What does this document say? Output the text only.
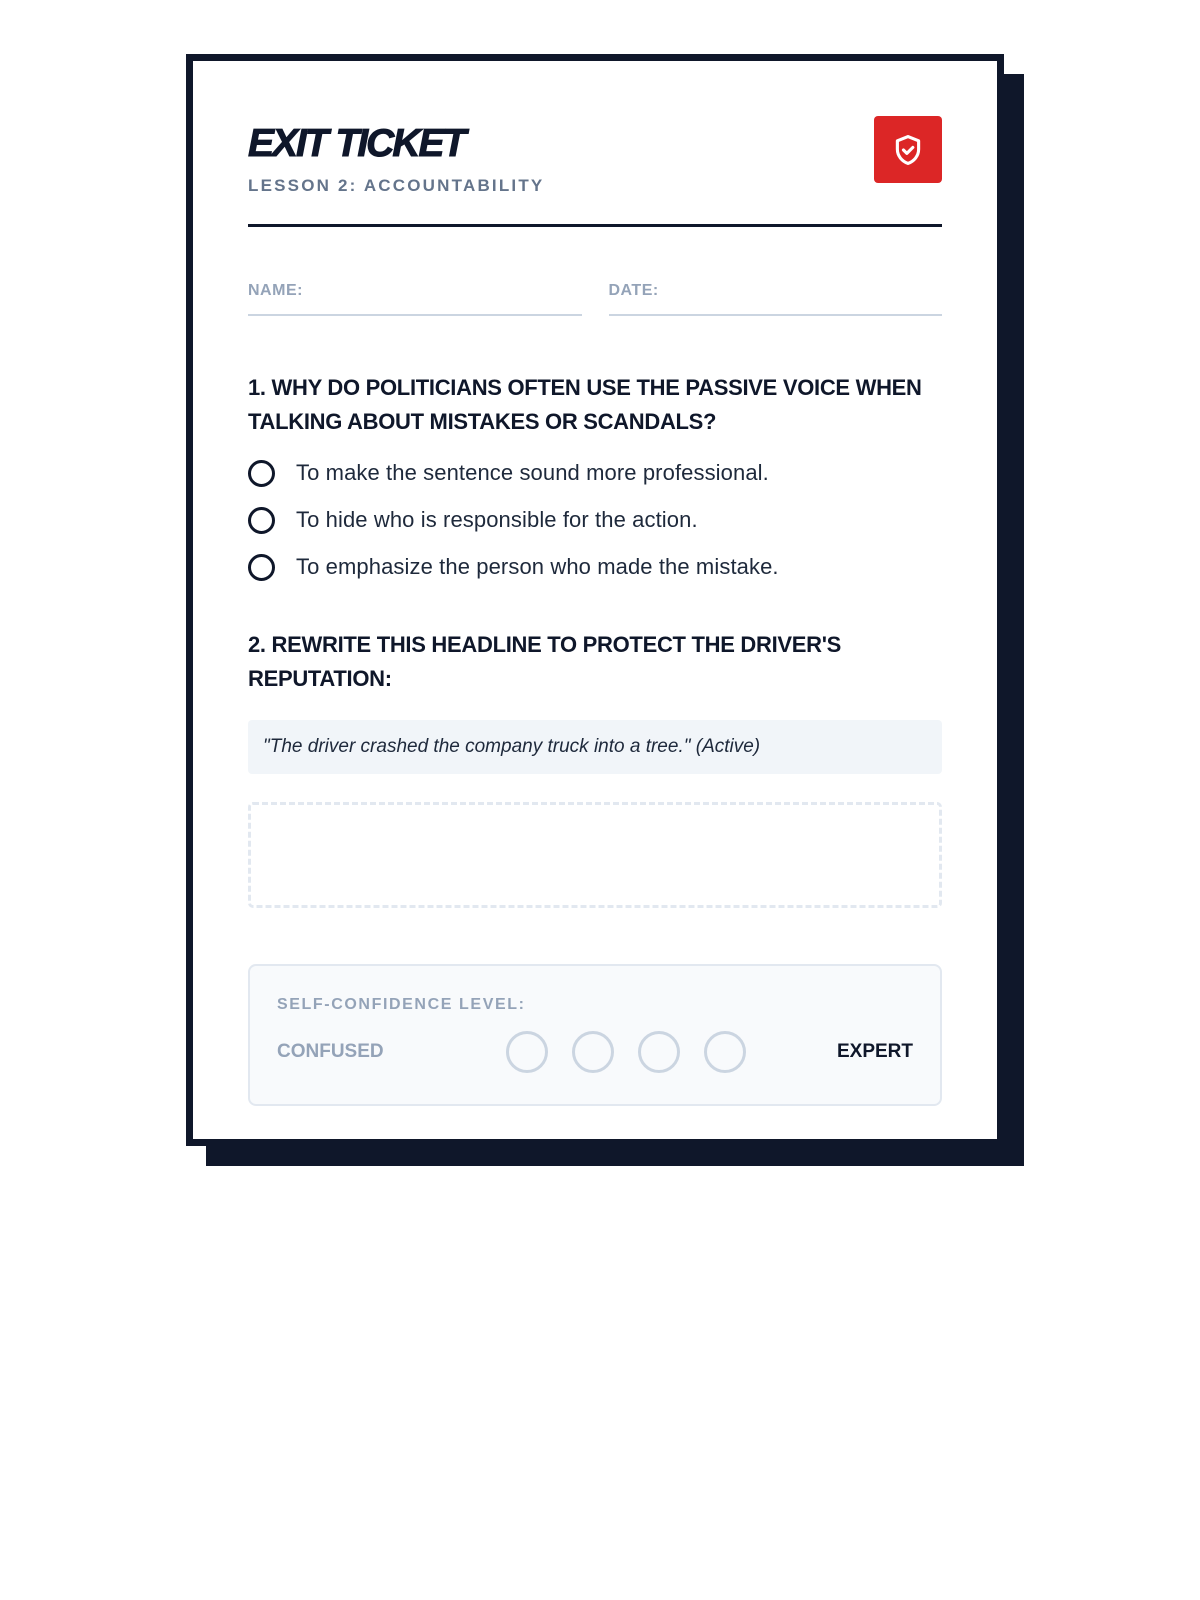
EXIT TICKET
LESSON 2: ACCOUNTABILITY
NAME:	DATE:
1. WHY DO POLITICIANS OFTEN USE THE PASSIVE VOICE WHEN TALKING ABOUT MISTAKES OR SCANDALS?
To make the sentence sound more professional.
To hide who is responsible for the action.
To emphasize the person who made the mistake.
2. REWRITE THIS HEADLINE TO PROTECT THE DRIVER'S REPUTATION:
"The driver crashed the company truck into a tree." (Active)
SELF-CONFIDENCE LEVEL:
CONFUSED	EXPERT
